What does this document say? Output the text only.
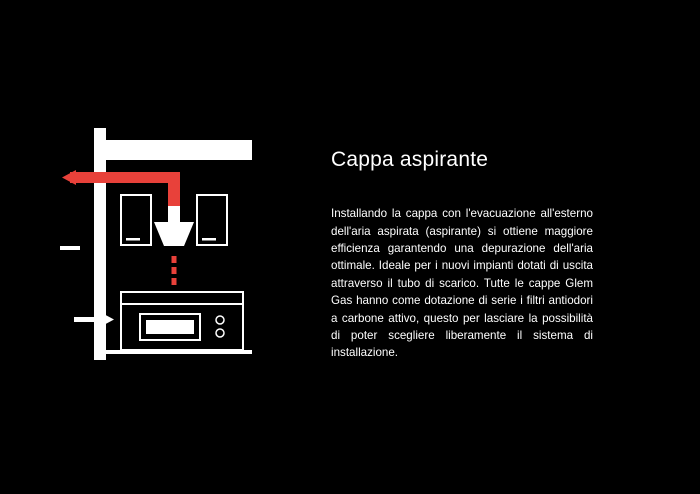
Cappa aspirante

Installando la cappa con l'evacuazione all'esterno dell'aria aspirata (aspirante) si ottiene maggiore efficienza garantendo una depurazione dell'aria ottimale. Ideale per i nuovi impianti dotati di uscita attraverso il tubo di scarico. Tutte le cappe Glem Gas hanno come dotazione di serie i filtri antiodori a carbone attivo, questo per lasciare la possibilità di poter scegliere liberamente il sistema di installazione.
